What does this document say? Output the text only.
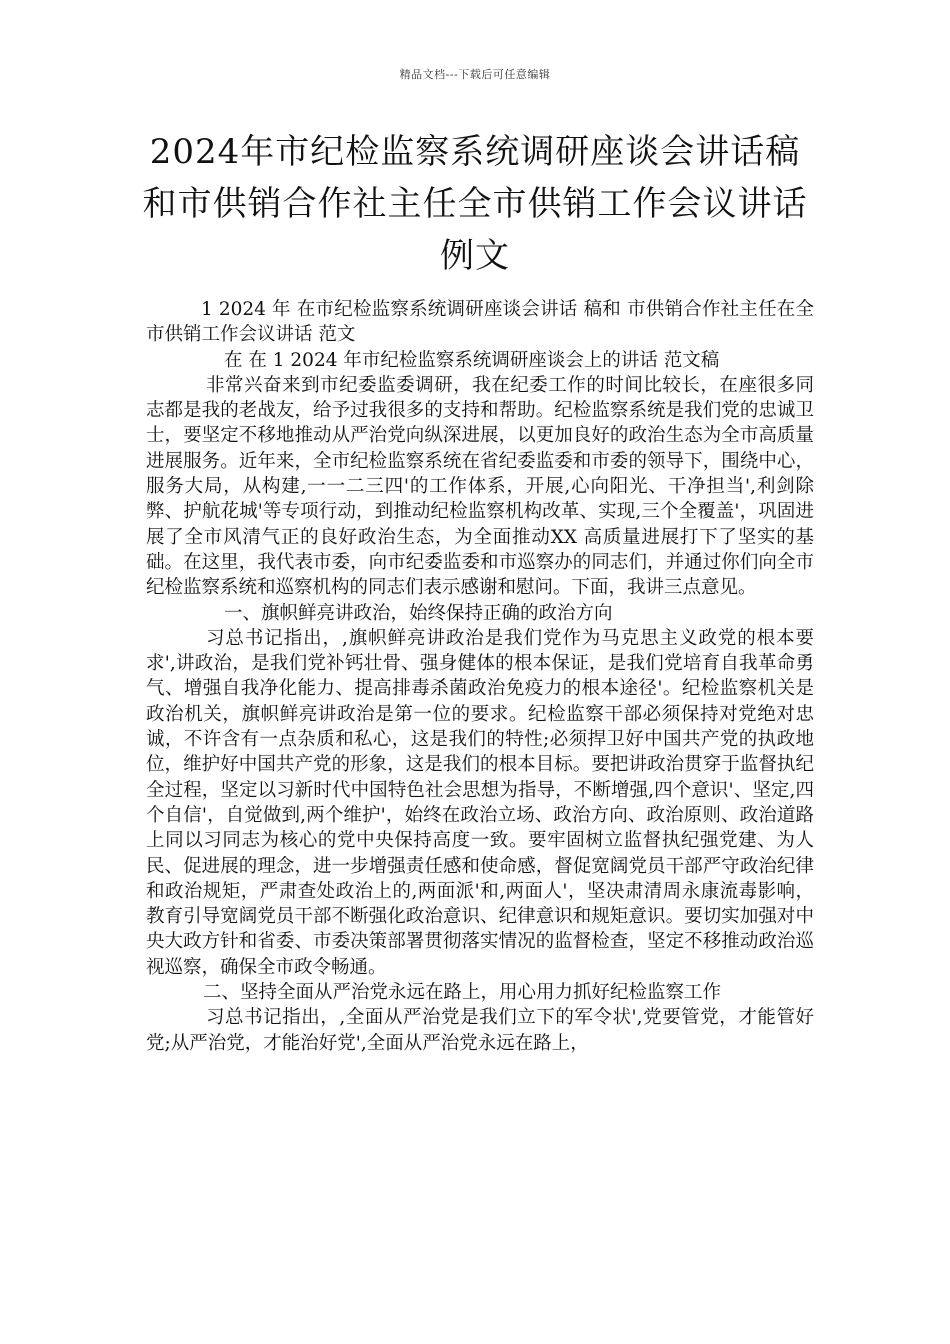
精品文档---下载后可任意编辑
2024年市纪检监察系统调研座谈会讲话稿和市供销合作社主任全市供销工作会议讲话例文

1 2024 年 在市纪检监察系统调研座谈会讲话 稿和 市供销合作社主任在全市供销工作会议讲话 范文

在 在 1 2024 年市纪检监察系统调研座谈会上的讲话 范文稿

非常兴奋来到市纪委监委调研，我在纪委工作的时间比较长，在座很多同志都是我的老战友，给予过我很多的支持和帮助。纪检监察系统是我们党的忠诚卫士，要坚定不移地推动从严治党向纵深进展，以更加良好的政治生态为全市高质量进展服务。近年来，全市纪检监察系统在省纪委监委和市委的领导下，围绕中心，服务大局，从构建,一一二三四'的工作体系，开展,心向阳光、干净担当',利剑除弊、护航花城'等专项行动，到推动纪检监察机构改革、实现,三个全覆盖'，巩固进展了全市风清气正的良好政治生态，为全面推动XX 高质量进展打下了坚实的基础。在这里，我代表市委，向市纪委监委和市巡察办的同志们，并通过你们向全市纪检监察系统和巡察机构的同志们表示感谢和慰问。下面，我讲三点意见。

一、旗帜鲜亮讲政治，始终保持正确的政治方向

习总书记指出，,旗帜鲜亮讲政治是我们党作为马克思主义政党的根本要求',讲政治，是我们党补钙壮骨、强身健体的根本保证，是我们党培育自我革命勇气、增强自我净化能力、提高排毒杀菌政治免疫力的根本途径'。纪检监察机关是政治机关，旗帜鲜亮讲政治是第一位的要求。纪检监察干部必须保持对党绝对忠诚，不许含有一点杂质和私心，这是我们的特性;必须捍卫好中国共产党的执政地位，维护好中国共产党的形象，这是我们的根本目标。要把讲政治贯穿于监督执纪全过程，坚定以习新时代中国特色社会思想为指导，不断增强,四个意识'、坚定,四个自信'，自觉做到,两个维护'，始终在政治立场、政治方向、政治原则、政治道路上同以习同志为核心的党中央保持高度一致。要牢固树立监督执纪强党建、为人民、促进展的理念，进一步增强责任感和使命感，督促宽阔党员干部严守政治纪律和政治规矩，严肃查处政治上的,两面派'和,两面人'，坚决肃清周永康流毒影响，教育引导宽阔党员干部不断强化政治意识、纪律意识和规矩意识。要切实加强对中央大政方针和省委、市委决策部署贯彻落实情况的监督检查，坚定不移推动政治巡视巡察，确保全市政令畅通。

二、坚持全面从严治党永远在路上，用心用力抓好纪检监察工作

习总书记指出，,全面从严治党是我们立下的军令状',党要管党，才能管好党;从严治党，才能治好党',全面从严治党永远在路上，
